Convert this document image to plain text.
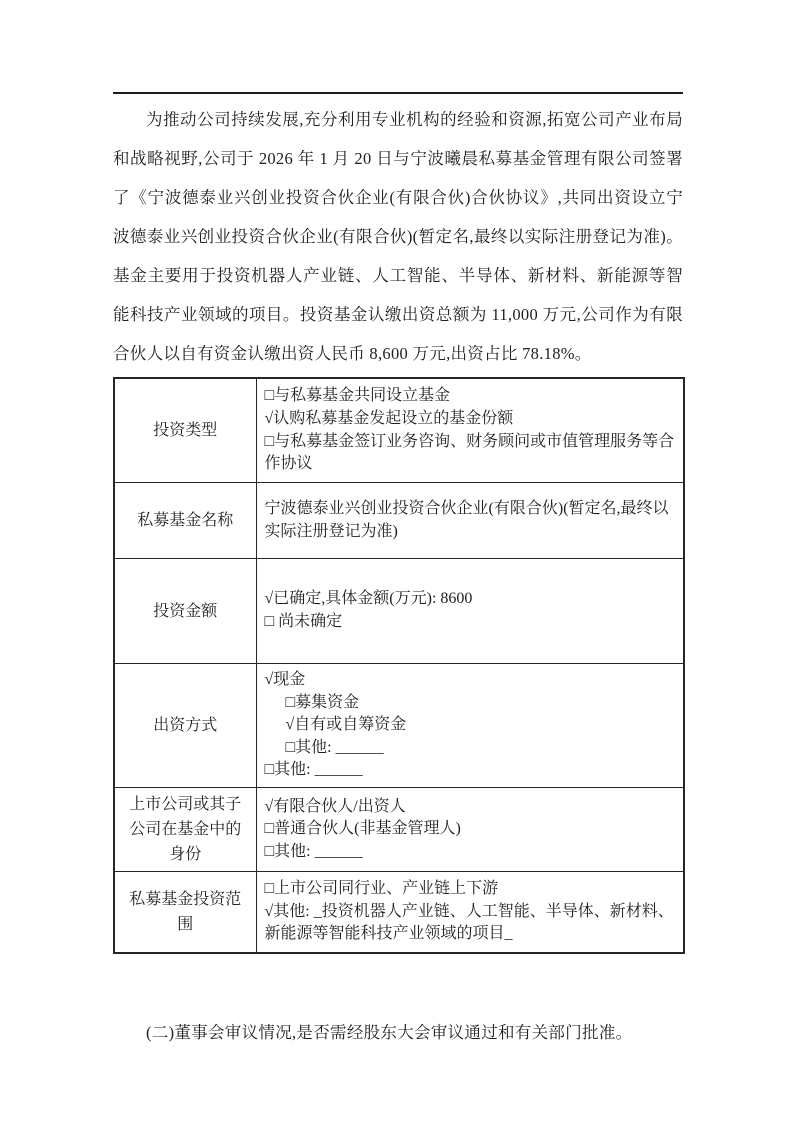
为推动公司持续发展,充分利用专业机构的经验和资源,拓宽公司产业布局和战略视野,公司于 2026 年 1 月 20 日与宁波曦晨私募基金管理有限公司签署了《宁波德泰业兴创业投资合伙企业(有限合伙)合伙协议》,共同出资设立宁波德泰业兴创业投资合伙企业(有限合伙)(暂定名,最终以实际注册登记为准)。基金主要用于投资机器人产业链、人工智能、半导体、新材料、新能源等智能科技产业领域的项目。投资基金认缴出资总额为 11,000 万元,公司作为有限合伙人以自有资金认缴出资人民币 8,600 万元,出资占比 78.18%。

投资类型	□与私募基金共同设立基金
√认购私募基金发起设立的基金份额
□与私募基金签订业务咨询、财务顾问或市值管理服务等合作协议

私募基金名称	宁波德泰业兴创业投资合伙企业(有限合伙)(暂定名,最终以实际注册登记为准)

投资金额	√已确定,具体金额(万元): 8600
□ 尚未确定

出资方式	√现金
□募集资金
√自有或自筹资金
□其他: ______
□其他: ______

上市公司或其子公司在基金中的身份	√有限合伙人/出资人
□普通合伙人(非基金管理人)
□其他: ______

私募基金投资范围	□上市公司同行业、产业链上下游
√其他: _投资机器人产业链、人工智能、半导体、新材料、新能源等智能科技产业领域的项目_

(二)董事会审议情况,是否需经股东大会审议通过和有关部门批准。
